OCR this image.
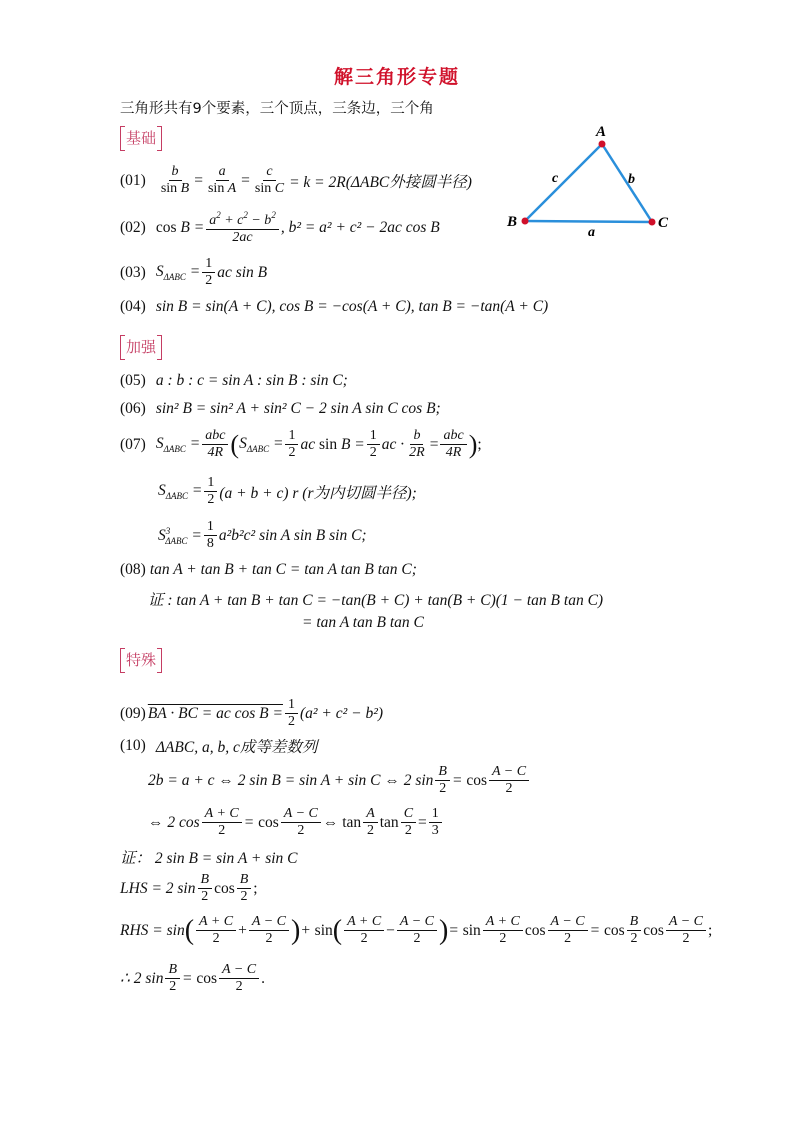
解三角形专题
三角形共有9个要素，三个顶点，三条边，三个角
A
B	C
c	b
a
基础
$(01) \frac{b}{\text{sin B}} = \frac{a}{\text{sin A}} = \frac{c}{\text{sin C}} = k = 2R(\Delta ABC$外接圆半径)
(02) $\cos B = \frac{a^2 + c^2 - b^2}{2ac}$ , b² = a² + c² − 2ac cos B
(03) $S_{\Delta ABC} = \frac{1}{2}$ ac sin B
(04) sin B = sin(A + C), cos B = −cos(A + C), tan B = −tan(A + C)
加强
(05) a : b : c = sin A : sin B : sin C;
(06) sin² B = sin² A + sin² C − 2 sin A sin C cos B;
(07) $S_{\Delta ABC} = \frac{\text{abc}}{4R}$ ( $S_{\Delta ABC} = \frac{1}{2}$ ac $\sin B = \frac{1}{2}$ ac · $\frac{b}{2R} = \frac{\text{abc}}{4R}$ ) ;
$S_{\Delta ABC} = \frac{1}{2} (a + b + c)$ r (r为内切圆半径);
$S^3_{\Delta ABC} = \frac{1}{8} a^2b^2c^2$ sin A sin B sin C;
(08) tan A + tan B + tan C = tan A tan B tan C;
证 : tan A + tan B + tan C = −tan(B + C) + tan(B + C)(1 − tan B tan C)
= tan A tan B tan C
特殊
(09) BA · BC = ac $\cos B = \frac{1}{2} (a^2 + c^2 - b^2)$
(10) ΔABC, a, b, c成等差数列
2b = a + c ⇔ 2 sin B = sin A + sin C ⇔ 2 $\sin \frac{B}{2} = \cos \frac{A - C}{2}$
⇔ 2 $\cos \frac{A + C}{2} = \cos \frac{A - C}{2}$ ⇔ $\tan \frac{A}{2}$ $\tan \frac{C}{2} = \frac{1}{3}$
证： 2 sin B = sin A + sin C
LHS = 2 $\sin \frac{B}{2}$ $\cos \frac{B}{2}$ ;
RHS = sin ( $\frac{A + C}{2} + \frac{A - C}{2}$ ) + sin ( $\frac{A + C}{2} - \frac{A - C}{2}$ ) = $\sin \frac{A + C}{2}$ $\cos \frac{A - C}{2} = \cos \frac{B}{2}$ $\cos \frac{A - C}{2}$ ;
∴ 2 $\sin \frac{B}{2} = \cos \frac{A - C}{2}$ .
